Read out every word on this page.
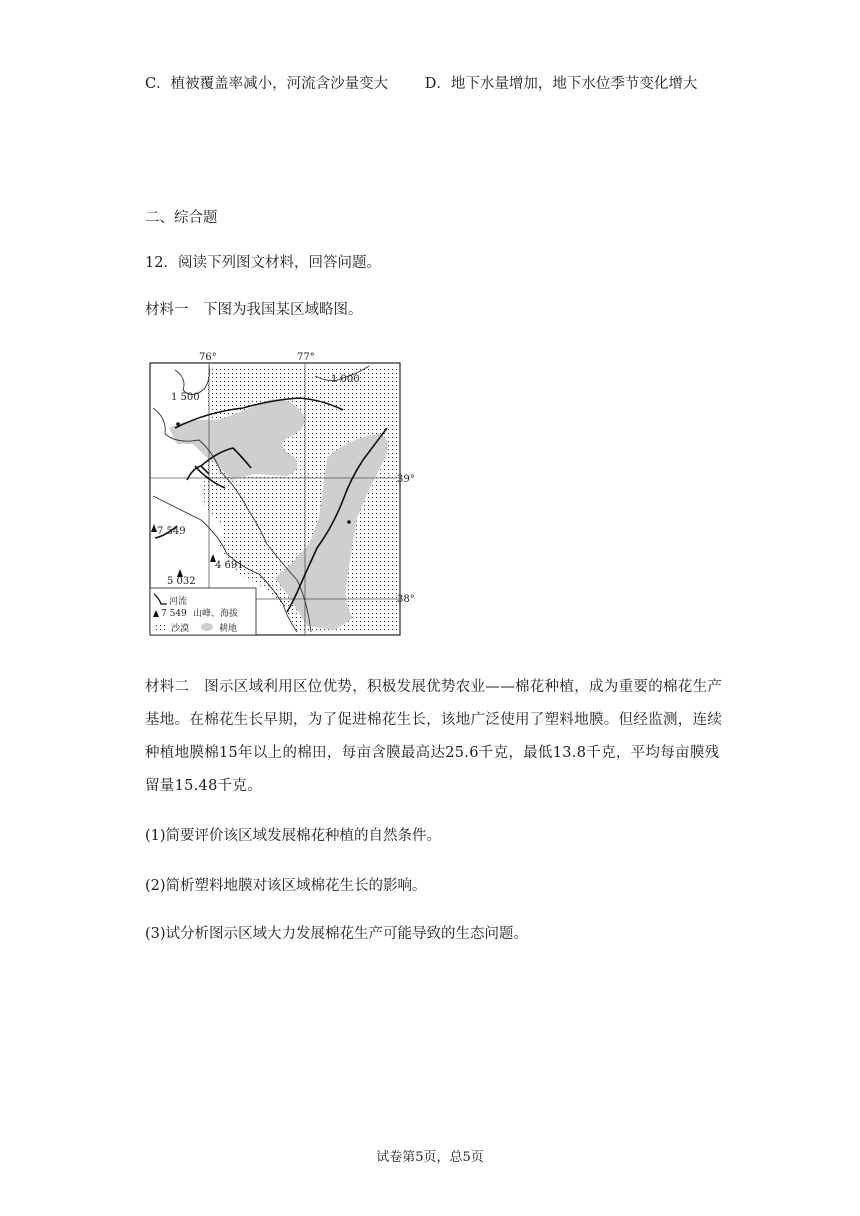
C．植被覆盖率减小，河流含沙量变大	D．地下水量增加，地下水位季节变化增大
二、综合题
12．阅读下列图文材料，回答问题。
材料一　下图为我国某区域略图。
76°	77°
39°
38°
1 500
1 000
7 549
4 691
5 032
河流
7 549 山峰、海拔
沙漠	耕地
材料二　图示区域利用区位优势，积极发展优势农业——棉花种植，成为重要的棉花生产基地。在棉花生长早期，为了促进棉花生长，该地广泛使用了塑料地膜。但经监测，连续种植地膜棉15年以上的棉田，每亩含膜最高达25.6千克，最低13.8千克，平均每亩膜残留量15.48千克。
(1)简要评价该区域发展棉花种植的自然条件。
(2)简析塑料地膜对该区域棉花生长的影响。
(3)试分析图示区域大力发展棉花生产可能导致的生态问题。
试卷第5页，总5页
